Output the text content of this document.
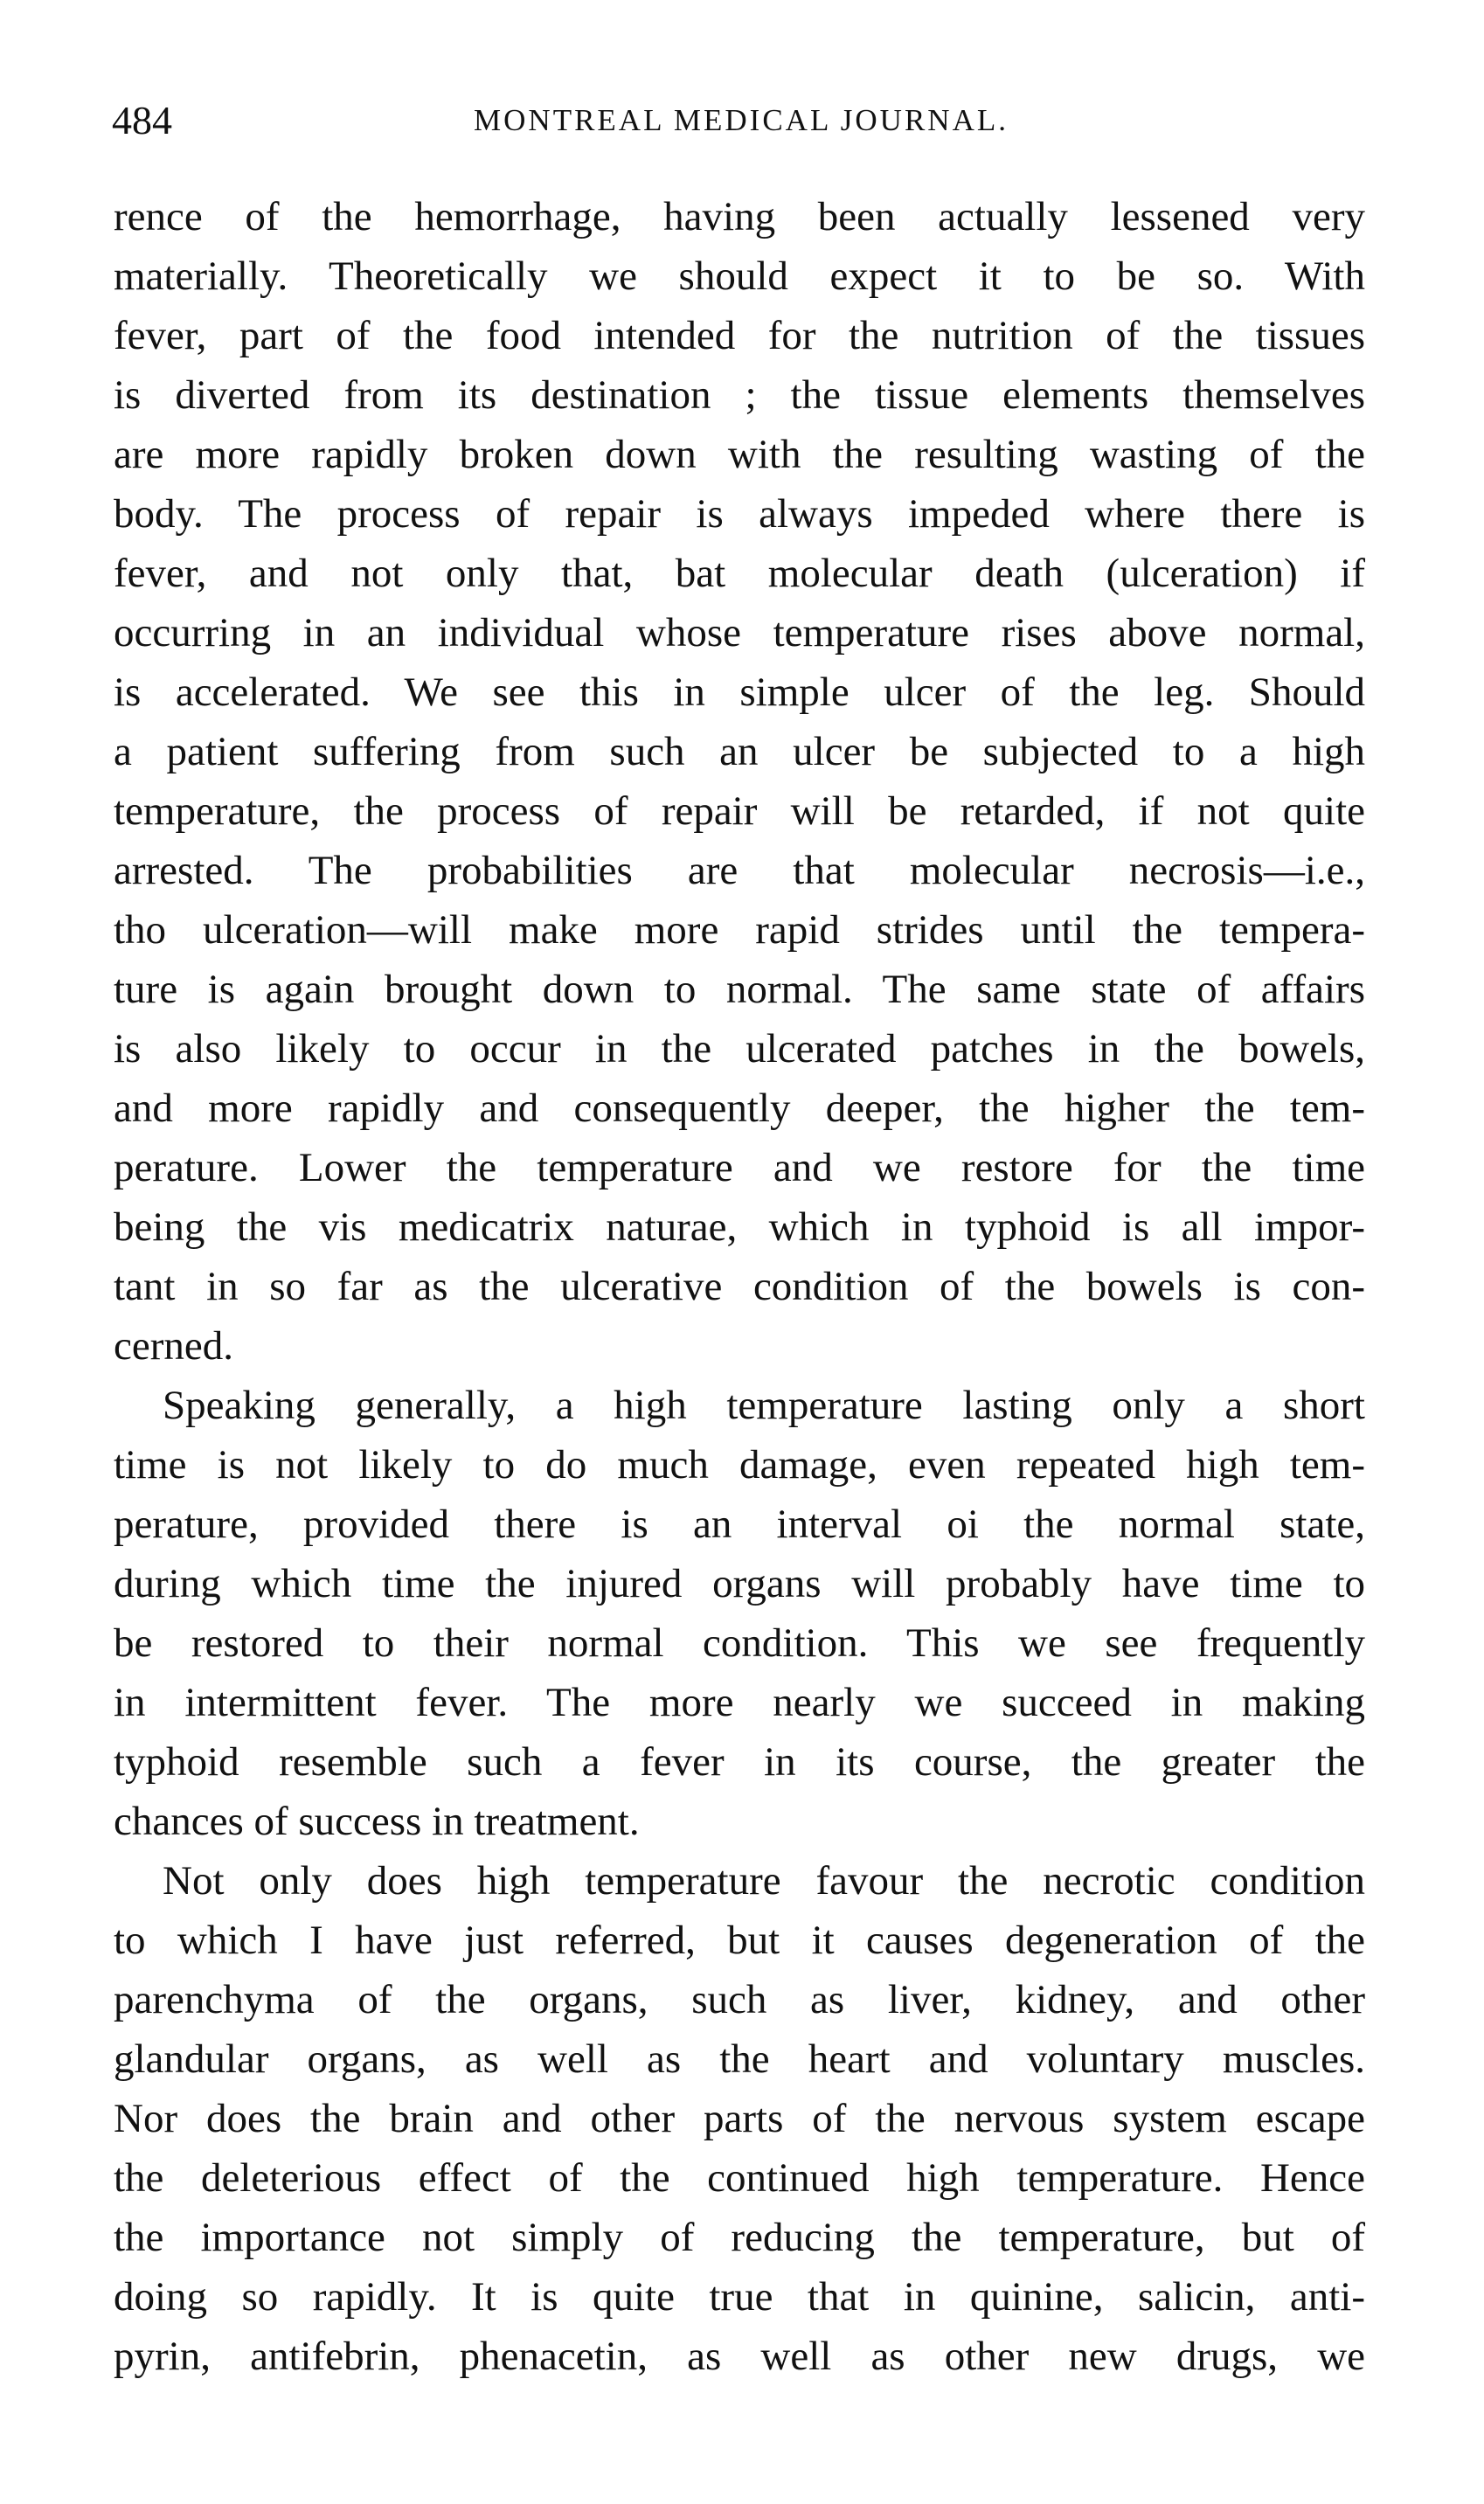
484	MONTREAL MEDICAL JOURNAL.
rence of the hemorrhage, having been actually lessened very
materially. Theoretically we should expect it to be so. With
fever, part of the food intended for the nutrition of the tissues
is diverted from its destination ; the tissue elements themselves
are more rapidly broken down with the resulting wasting of the
body. The process of repair is always impeded where there is
fever, and not only that, bat molecular death (ulceration) if
occurring in an individual whose temperature rises above normal,
is accelerated. We see this in simple ulcer of the leg. Should
a patient suffering from such an ulcer be subjected to a high
temperature, the process of repair will be retarded, if not quite
arrested. The probabilities are that molecular necrosis—i.e.,
tho ulceration—will make more rapid strides until the tempera-
ture is again brought down to normal. The same state of affairs
is also likely to occur in the ulcerated patches in the bowels,
and more rapidly and consequently deeper, the higher the tem-
perature. Lower the temperature and we restore for the time
being the vis medicatrix naturae, which in typhoid is all impor-
tant in so far as the ulcerative condition of the bowels is con-
cerned.
Speaking generally, a high temperature lasting only a short
time is not likely to do much damage, even repeated high tem-
perature, provided there is an interval oi the normal state,
during which time the injured organs will probably have time to
be restored to their normal condition. This we see frequently
in intermittent fever. The more nearly we succeed in making
typhoid resemble such a fever in its course, the greater the
chances of success in treatment.
Not only does high temperature favour the necrotic condition
to which I have just referred, but it causes degeneration of the
parenchyma of the organs, such as liver, kidney, and other
glandular organs, as well as the heart and voluntary muscles.
Nor does the brain and other parts of the nervous system escape
the deleterious effect of the continued high temperature. Hence
the importance not simply of reducing the temperature, but of
doing so rapidly. It is quite true that in quinine, salicin, anti-
pyrin, antifebrin, phenacetin, as well as other new drugs, we
